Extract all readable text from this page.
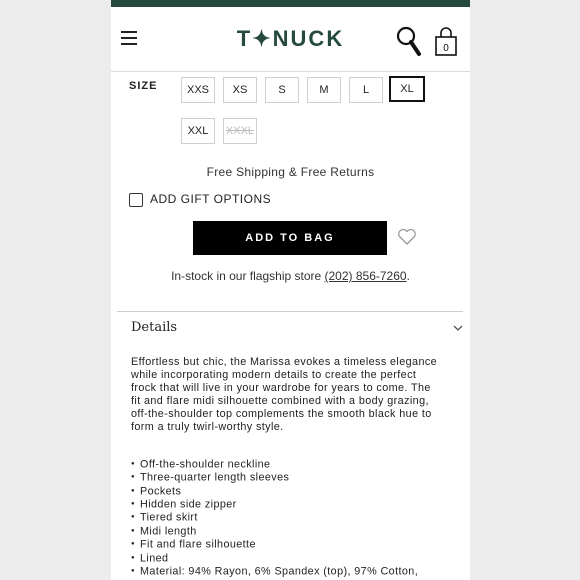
T✦NUCK	0
SIZE	XXS	XS	S	M	L	XL
XXL	XXXL
Free Shipping & Free Returns
ADD GIFT OPTIONS
ADD TO BAG
In-stock in our flagship store (202) 856-7260.
Details
Effortless but chic, the Marissa evokes a timeless elegance while incorporating modern details to create the perfect frock that will live in your wardrobe for years to come. The fit and flare midi silhouette combined with a body grazing, off-the-shoulder top complements the smooth black hue to form a truly twirl-worthy style.
● Off-the-shoulder neckline
● Three-quarter length sleeves
● Pockets
● Hidden side zipper
● Tiered skirt
● Midi length
● Fit and flare silhouette
● Lined
● Material: 94% Rayon, 6% Spandex (top), 97% Cotton,
